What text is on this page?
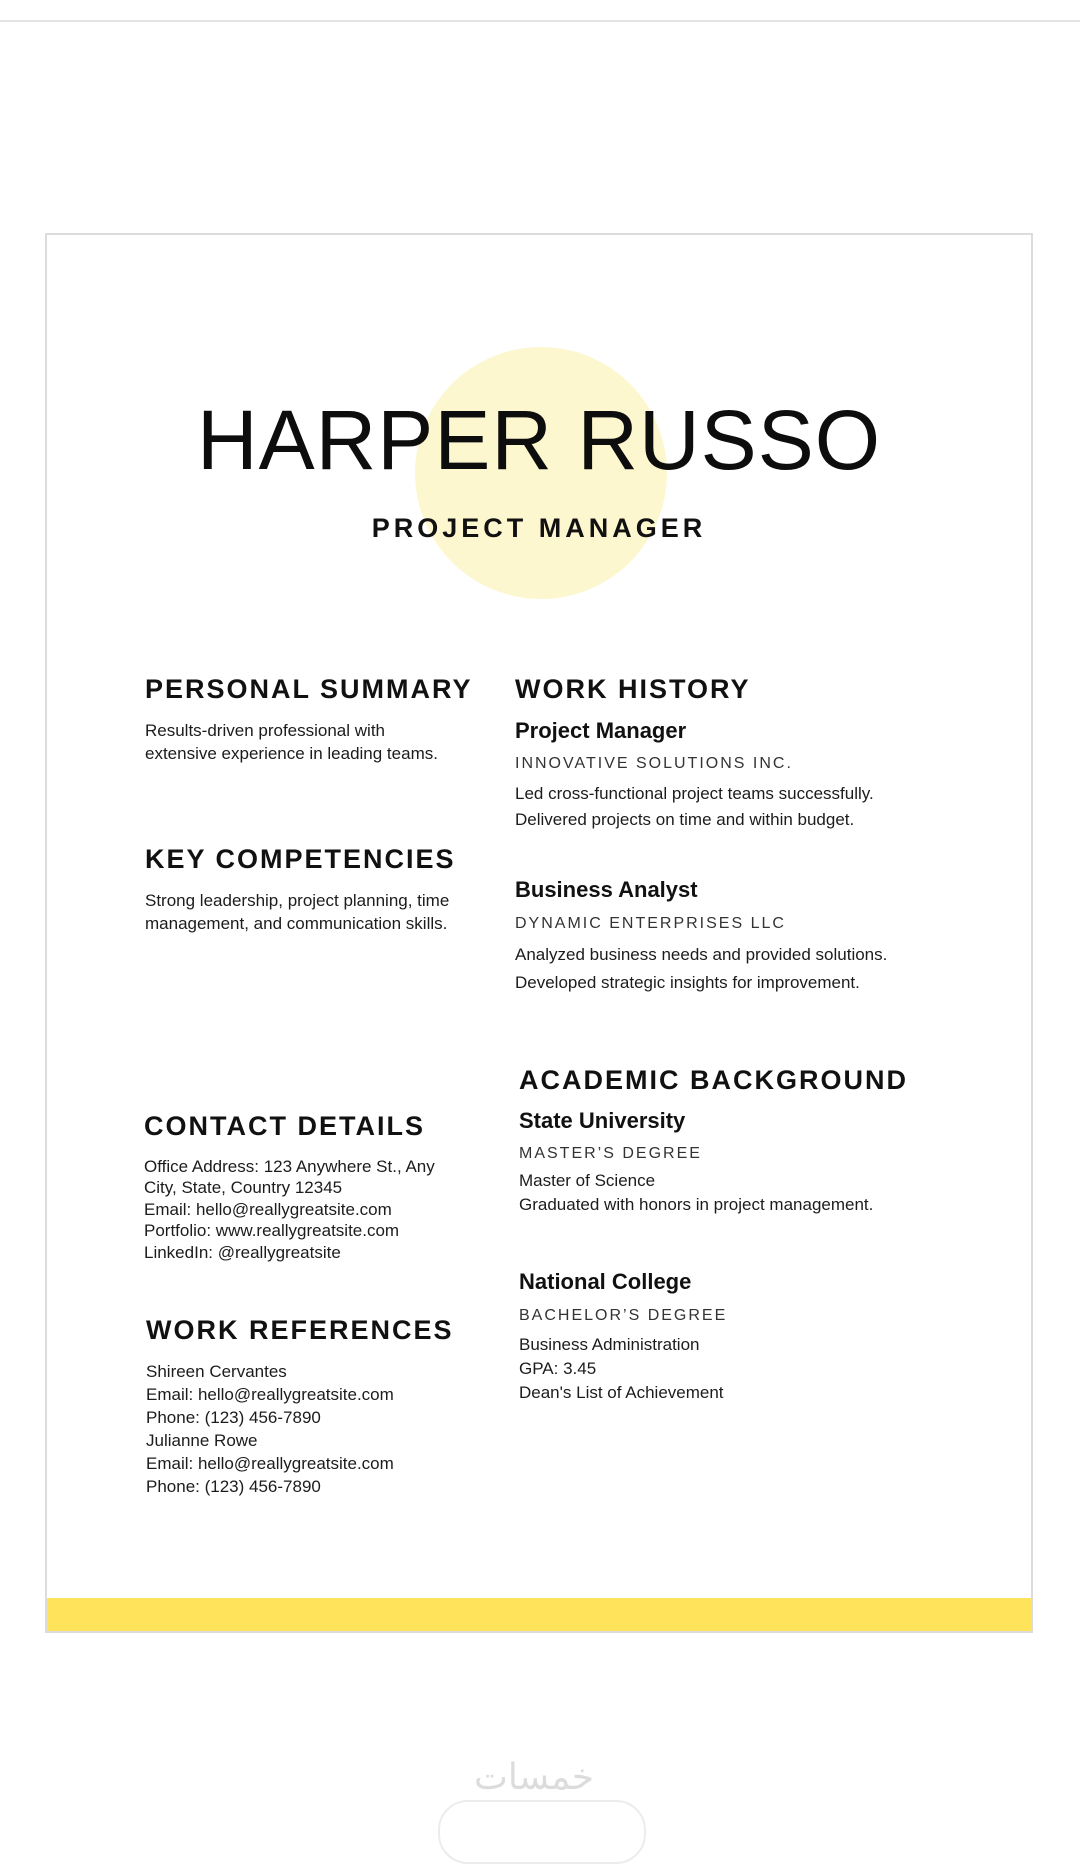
HARPER RUSSO
PROJECT MANAGER
PERSONAL SUMMARY
Results-driven professional with
extensive experience in leading teams.
KEY COMPETENCIES
Strong leadership, project planning, time
management, and communication skills.
CONTACT DETAILS
Office Address: 123 Anywhere St., Any
City, State, Country 12345
Email: hello@reallygreatsite.com
Portfolio: www.reallygreatsite.com
LinkedIn: @reallygreatsite
WORK REFERENCES
Shireen Cervantes
Email: hello@reallygreatsite.com
Phone: (123) 456-7890
Julianne Rowe
Email: hello@reallygreatsite.com
Phone: (123) 456-7890
WORK HISTORY
Project Manager
INNOVATIVE SOLUTIONS INC.
Led cross-functional project teams successfully.
Delivered projects on time and within budget.
Business Analyst
DYNAMIC ENTERPRISES LLC
Analyzed business needs and provided solutions.
Developed strategic insights for improvement.
ACADEMIC BACKGROUND
State University
MASTER’S DEGREE
Master of Science
Graduated with honors in project management.
National College
BACHELOR’S DEGREE
Business Administration
GPA: 3.45
Dean's List of Achievement
خمسات
